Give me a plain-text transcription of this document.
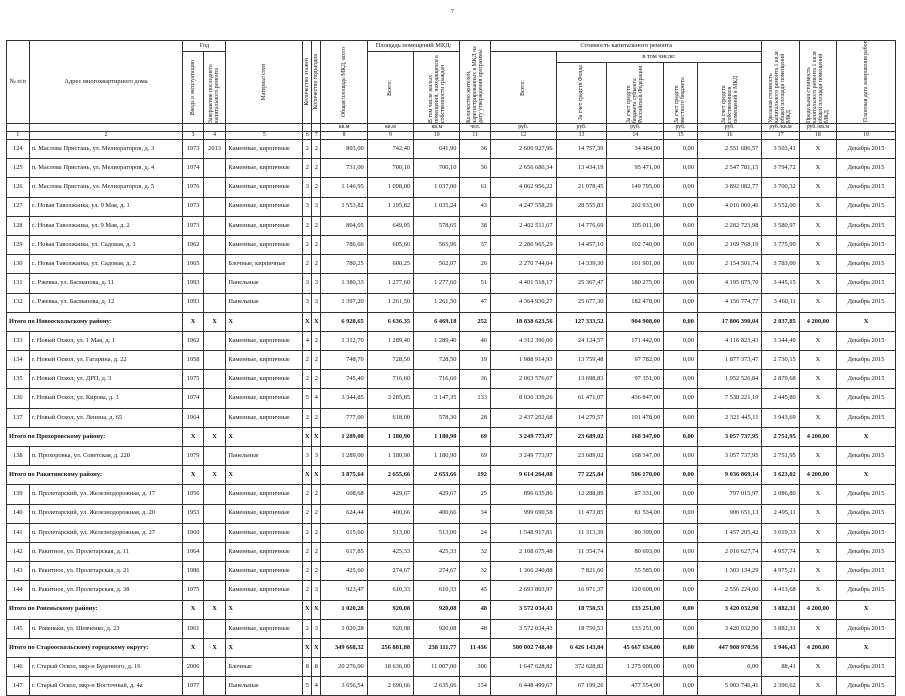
7
№ п/п	Адрес многоквартирного дома	Год		Материал стен	Количество этажей	Количество подъездов	Общая площадь МКД, всего	Площадь помещений МКД:		Количество жителей, зарегистрированных в МКД на дату утверждения программы	Стоимость капитального ремонта					Удельная стоимость капитального ремонта 1 кв.м общей площади помещений МКД	Предельная стоимость капитального ремонта 1 кв.м общей площади помещений МКД	Плановая дата завершения работ

		Ввода в эксплуатацию	Завершение последнего капитального ремонта					Всего:	В том числе жилых помещений, находящихся в собственности граждан		Всего:	в том числе:						

												За счет средств Фонда	За счет средств бюджета субъекта Российской Федерации	За счет средств местного бюджета	За счет средств собственников помещений в МКД			

							кв.м	кв.м	кв.м	чел.	руб.	руб.	руб.	руб.	руб.	руб./кв.м	руб./кв.м	
1	2	3	4	5	6	7	8	9	10	11	12	13	14	15	16	17	18	19
124	п. Маслова Пристань, ул. Мелиораторов, д. 3	1973	2013	Каменные, кирпичные	2	2	803,00	742,40	641,90	36	2 600 927,96	14 757,39	34 484,00	0,00	2 551 686,57	3 503,41	X	Декабрь 2015
125	п. Маслова Пристань, ул. Мелиораторов, д. 4	1974		Каменные, кирпичные	2	2	731,00	700,10	700,10	36	2 656 686,34	13 434,19	95 471,00	0,00	2 547 781,15	3 794,72	X	Декабрь 2015
126	п. Маслова Пристань, ул. Мелиораторов, д. 5	1976		Каменные, кирпичные	3	2	1 146,95	1 098,00	1 037,00	61	4 062 956,22	21 078,45	149 795,00	0,00	3 892 082,77	3 700,32	X	Декабрь 2015
127	с. Новая Таволжанка, ул. 9 Мая, д. 1	1973		Каменные, кирпичные	3	3	1 553,82	1 195,82	1 035,24	43	4 247 558,29	28 555,83	202 933,00	0,00	4 016 069,46	3 552,00	X	Декабрь 2015
128	с. Новая Таволжанка, ул. 9 Мая, д. 2	1973		Каменные, кирпичные	2	2	804,05	649,95	578,65	38	2 402 511,67	14 776,69	105 011,00	0,00	2 282 723,98	3 580,97	X	Декабрь 2015
129	с. Новая Таволжанка, ул. Садовая, д. 1	1962		Каменные, кирпичные	2	2	786,66	605,66	565,96	37	2 286 965,29	14 457,10	102 740,00	0,00	2 169 768,19	3 775,99	X	Декабрь 2015
130	с. Новая Таволжанка, ул. Садовая, д. 2	1965		Блочные, кирпичные	2	2	780,25	600,25	562,07	26	2 270 744,04	14 339,30	101 901,00	0,00	2 154 501,74	3 783,00	X	Декабрь 2015
131	с. Ржевка, ул. Басманова, д. 11	1993		Панельные	3	3	1 380,33	1 277,60	1 277,60	51	4 401 518,17	25 367,47	180 275,00	0,00	4 195 875,70	3 445,15	X	Декабрь 2015
132	с. Ржевка, ул. Басманова, д. 12	1993		Панельные	3	3	1 397,20	1 261,50	1 261,50	47	4 364 930,27	25 677,30	182 478,00	0,00	4 156 774,77	3 460,11	X	Декабрь 2015
Итого по Новооскольскому району:		X	X	X	X	X	6 928,65	6 636,35	6 469,18	252	18 838 623,56	127 333,52	904 908,00	0,00	17 806 390,04	2 837,85	4 200,00	X
133	г. Новый Оскол, ул. 1 Мая, д. 1	1962		Каменные, кирпичные	4	2	1 312,70	1 289,40	1 289,40	46	4 312 390,00	24 124,57	171 442,00	0,00	4 116 823,43	3 344,49	X	Декабрь 2015
134	г. Новый Оскол, ул. Гагарина, д. 22	1958		Каменные, кирпичные	2	2	748,70	728,50	728,50	19	1 988 914,93	13 759,48	97 782,00	0,00	1 877 373,47	2 730,15	X	Декабрь 2015
135	г. Новый Оскол, ул. ДРП, д. 3	1975		Каменные, кирпичные	2	2	745,40	716,60	716,60	36	2 063 576,67	13 698,83	97 351,00	0,00	1 952 526,84	2 879,68	X	Декабрь 2015
136	г. Новый Оскол, ул. Кирова, д. 3	1974		Каменные, кирпичные	5	4	3 344,85	3 285,85	3 147,35	133	8 036 339,26	61 471,07	436 847,00	0,00	7 538 221,19	2 445,80	X	Декабрь 2015
137	г. Новый Оскол, ул. Ленина, д. 65	1964		Каменные, кирпичные	2	2	777,00	618,00	578,30	28	2 437 202,68	14 279,57	101 478,00	0,00	2 321 445,11	3 943,69	X	Декабрь 2015
Итого по Прохоровскому району:		X	X	X	X	X	1 289,00	1 180,90	1 180,90	69	3 249 773,97	23 689,02	168 347,00	0,00	3 057 737,95	2 751,95	4 200,00	X
138	п. Прохоровка, ул. Советская, д. 220	1979		Панельные	3	3	1 289,00	1 180,90	1 180,90	69	3 249 773,97	23 689,02	168 347,00	0,00	3 057 737,95	2 751,95	X	Декабрь 2015
Итого по Ракитянскому району:		X	X	X	X	X	3 875,64	2 655,66	2 653,66	192	9 614 264,08	77 225,84	506 170,00	0,00	9 036 869,14	3 623,02	4 200,00	X
139	п. Пролетарский, ул. Железнодорожная, д. 17	1956		Каменные, кирпичные	2	2	608,68	429,67	429,67	25	896 635,86	12 288,89	87 331,00	0,00	797 015,97	2 086,80	X	Декабрь 2015
140	п. Пролетарский, ул. Железнодорожная, д. 20	1953		Каменные, кирпичные	2	2	624,44	400,66	400,66	34	999 690,58	11 473,85	81 534,00	0,00	906 651,13	2 495,11	X	Декабрь 2015
141	п. Пролетарский, ул. Железнодорожная, д. 27	1960		Каменные, кирпичные	2	2	615,60	513,00	513,00	24	1 548 917,81	11 313,39	80 399,00	0,00	1 457 205,42	3 019,33	X	Декабрь 2015
142	п. Ракитное, ул. Пролетарская, д. 11	1964		Каменные, кирпичные	2	2	617,85	425,33	425,33	32	2 108 675,48	11 354,74	80 693,00	0,00	2 016 627,74	4 957,74	X	Декабрь 2015
143	п. Ракитное, ул. Пролетарская, д. 21	1986		Каменные, кирпичные	2	2	425,60	274,67	274,67	32	1 366 240,88	7 821,60	55 585,00	0,00	1 303 134,29	4 975,21	X	Декабрь 2015
144	п. Ракитное, ул. Пролетарская, д. 38	1975		Каменные, кирпичные	2	3	923,47	610,33	610,33	45	2 693 803,97	16 971,37	120 608,00	0,00	2 556 224,60	4 413,68	X	Декабрь 2015
Итого по Ровеньскому району:		X	X	X	X	X	1 020,28	920,08	920,08	48	3 572 034,43	18 750,53	133 251,00	0,00	3 420 032,90	3 882,31	4 200,00	X
145	п. Ровеньки, ул. Шевченко, д. 23	1961		Каменные, кирпичные	2	3	1 020,28	920,08	920,08	48	3 572 034,43	18 750,53	133 251,00	0,00	3 420 032,90	3 882,31	X	Декабрь 2015
Итого по Старооскольскому городскому округу:		X	X	X	X	X	349 668,32	256 881,88	238 111,77	11 436	500 002 748,40	6 426 143,84	45 667 634,00	0,00	447 908 970,56	1 946,43	4 200,00	X
146	г. Старый Оскол, мкр-н Буденного, д. 16	2006		Блочные	8	8	20 276,00	18 636,00	11 007,00	306	1 647 628,82	372 628,82	1 275 000,00	0,00	0,00	88,41	X	Декабрь 2015
147	г. Старый Оскол, мкр-н Восточный, д. 4а	1977		Панельные	5	4	3 656,54	2 690,66	2 635,66	134	6 448 499,67	67 199,26	477 554,00	0,00	5 903 746,41	2 396,62	X	Декабрь 2015
